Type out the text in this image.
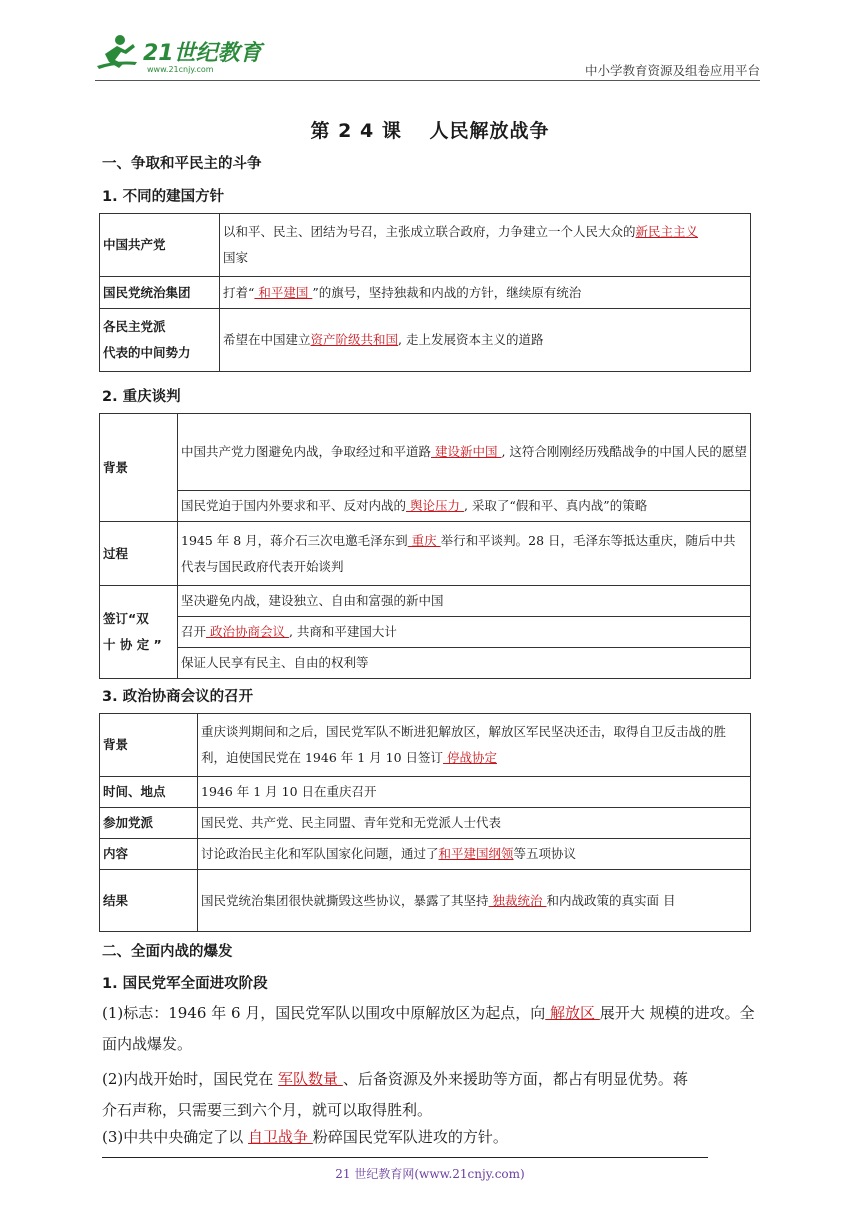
21世纪教育
www.21cnjy.com	中小学教育资源及组卷应用平台
第 2 4 课　 人民解放战争
一、争取和平民主的斗争
1. 不同的建国方针
中国共产党	以和平、民主、团结为号召，主张成立联合政府，力争建立一个人民大众的新民主主义
国家
国民党统治集团	打着“ 和平建国 ”的旗号，坚持独裁和内战的方针，继续原有统治
各民主党派
代表的中间势力	希望在中国建立资产阶级共和国, 走上发展资本主义的道路
2. 重庆谈判
背景	中国共产党力图避免内战，争取经过和平道路 建设新中国 , 这符合刚刚经历残酷战争的中国人民的愿望
	国民党迫于国内外要求和平、反对内战的 舆论压力 , 采取了“假和平、真内战”的策略
过程	1945 年 8 月，蒋介石三次电邀毛泽东到 重庆 举行和平谈判。28 日，毛泽东等抵达重庆，随后中共代表与国民政府代表开始谈判
签订“双
十 协 定 ”	坚决避免内战，建设独立、自由和富强的新中国
	召开 政治协商会议 , 共商和平建国大计
	保证人民享有民主、自由的权利等
3. 政治协商会议的召开
背景	重庆谈判期间和之后，国民党军队不断进犯解放区，解放区军民坚决还击，取得自卫反击战的胜利，迫使国民党在 1946 年 1 月 10 日签订 停战协定
时间、地点	1946 年 1 月 10 日在重庆召开
参加党派	国民党、共产党、民主同盟、青年党和无党派人士代表
内容	讨论政治民主化和军队国家化问题，通过了和平建国纲领等五项协议
结果	国民党统治集团很快就撕毁这些协议，暴露了其坚持 独裁统治 和内战政策的真实面 目
二、全面内战的爆发
1. 国民党军全面进攻阶段
(1)标志：1946 年 6 月，国民党军队以围攻中原解放区为起点，向 解放区 展开大 规模的进攻。全面内战爆发。
(2)内战开始时，国民党在 军队数量 、后备资源及外来援助等方面，都占有明显优势。蒋介石声称，只需要三到六个月，就可以取得胜利。
(3)中共中央确定了以 自卫战争 粉碎国民党军队进攻的方针。
21 世纪教育网(www.21cnjy.com)
